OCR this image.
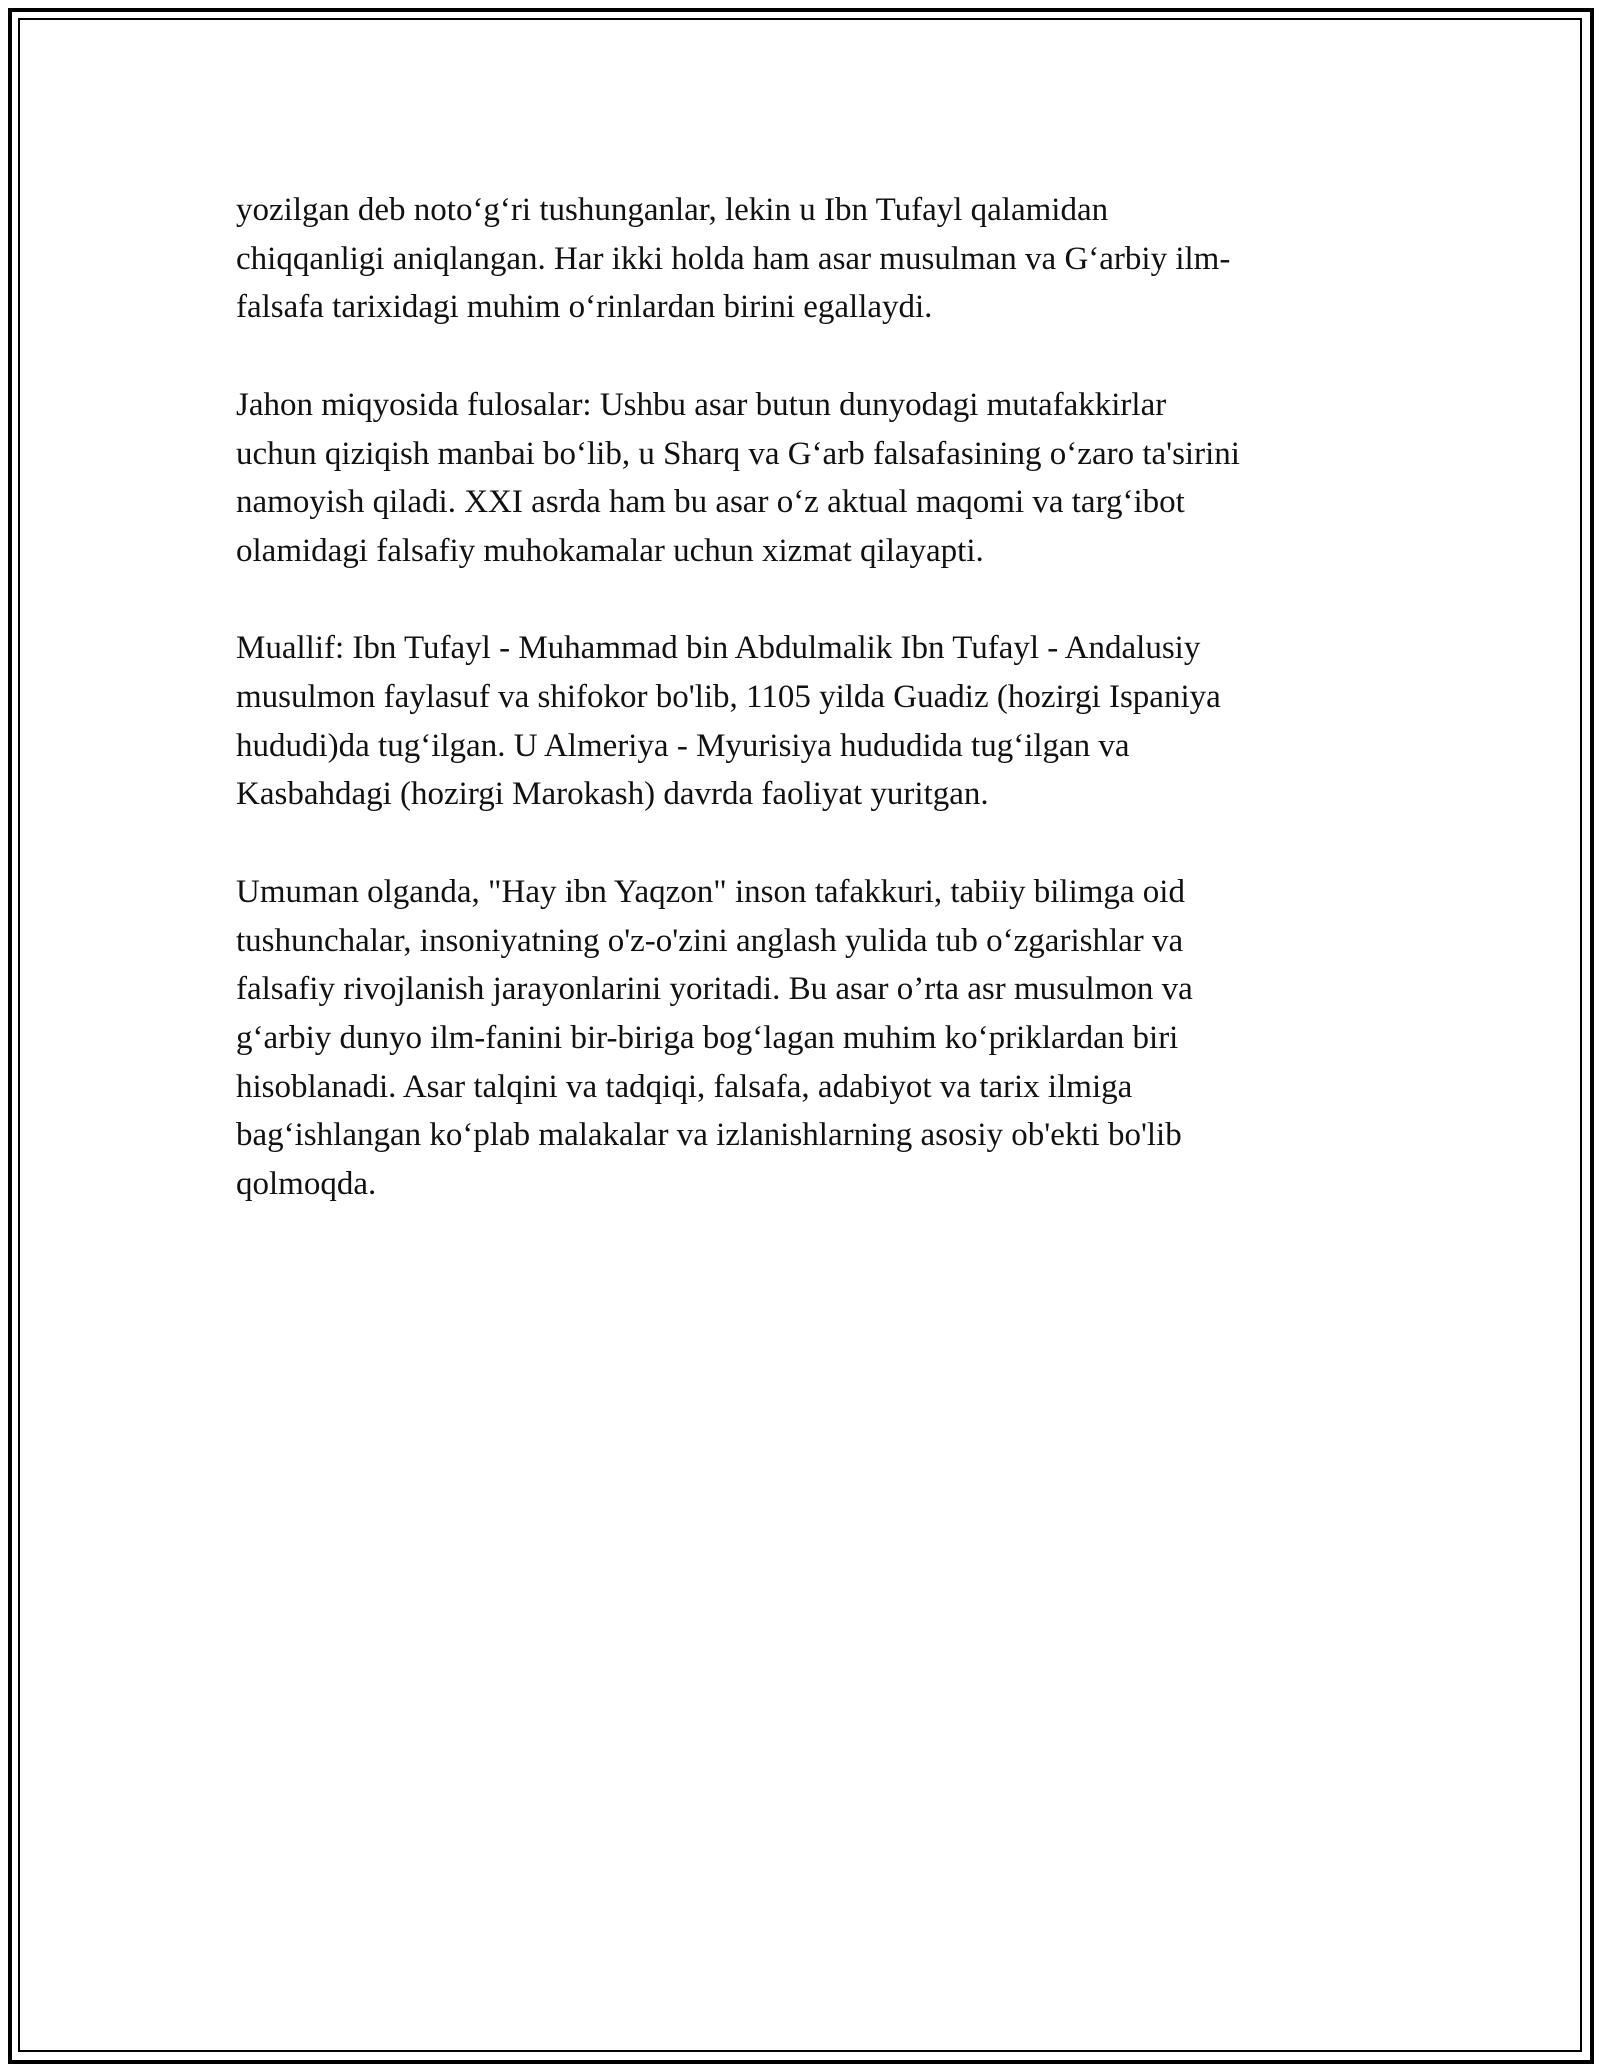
yozilgan deb noto‘g‘ri tushunganlar, lekin u Ibn Tufayl qalamidan
chiqqanligi aniqlangan. Har ikki holda ham asar musulman va G‘arbiy ilm-
falsafa tarixidagi muhim o‘rinlardan birini egallaydi.
Jahon miqyosida fulosalar: Ushbu asar butun dunyodagi mutafakkirlar
uchun qiziqish manbai bo‘lib, u Sharq va G‘arb falsafasining o‘zaro ta'sirini
namoyish qiladi. XXI asrda ham bu asar o‘z aktual maqomi va targ‘ibot
olamidagi falsafiy muhokamalar uchun xizmat qilayapti.
Muallif: Ibn Tufayl - Muhammad bin Abdulmalik Ibn Tufayl - Andalusiy
musulmon faylasuf va shifokor bo'lib, 1105 yilda Guadiz (hozirgi Ispaniya
hududi)da tug‘ilgan. U Almeriya - Myurisiya hududida tug‘ilgan va
Kasbahdagi (hozirgi Marokash) davrda faoliyat yuritgan.
Umuman olganda, "Hay ibn Yaqzon" inson tafakkuri, tabiiy bilimga oid
tushunchalar, insoniyatning o'z-o'zini anglash yulida tub o‘zgarishlar va
falsafiy rivojlanish jarayonlarini yoritadi. Bu asar o’rta asr musulmon va
g‘arbiy dunyo ilm-fanini bir-biriga bog‘lagan muhim ko‘priklardan biri
hisoblanadi. Asar talqini va tadqiqi, falsafa, adabiyot va tarix ilmiga
bag‘ishlangan ko‘plab malakalar va izlanishlarning asosiy ob'ekti bo'lib
qolmoqda.
